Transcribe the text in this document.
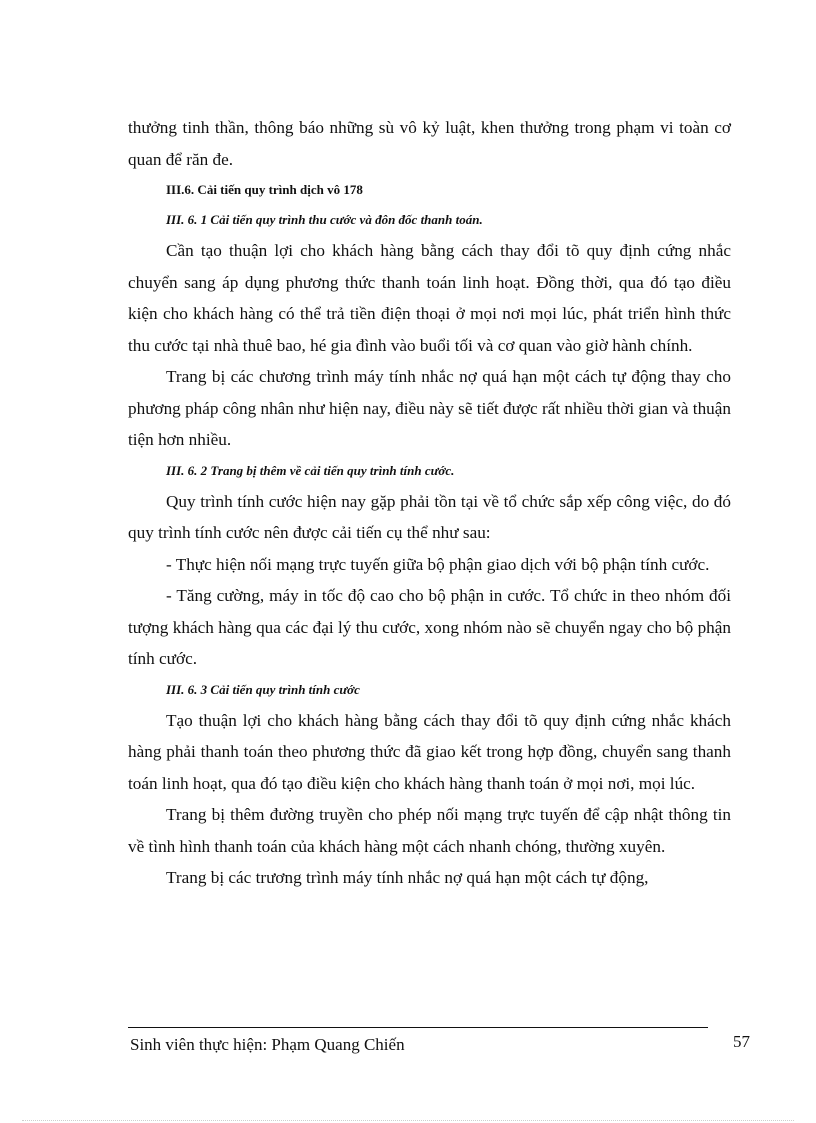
thưởng tinh thần, thông báo những sù vô kỷ luật, khen thưởng trong phạm vi toàn cơ quan để răn đe.

III.6. Cải tiến quy trình dịch vô 178
III. 6. 1 Cải tiến quy trình thu cước và đôn đốc thanh toán.

Cần tạo thuận lợi cho khách hàng bằng cách thay đổi tõ quy định cứng nhắc chuyển sang áp dụng phương thức thanh toán linh hoạt. Đồng thời, qua đó tạo điều kiện cho khách hàng có thể trả tiền điện thoại ở mọi nơi mọi lúc, phát triển hình thức thu cước tại nhà thuê bao, hé gia đình vào buổi tối và cơ quan vào giờ hành chính.

Trang bị các chương trình máy tính nhắc nợ quá hạn một cách tự động thay cho phương pháp công nhân như hiện nay, điều này sẽ tiết được rất nhiều thời gian và thuận tiện hơn nhiều.

III. 6. 2 Trang bị thêm về cải tiến quy trình tính cước.

Quy trình tính cước hiện nay gặp phải tồn tại về tổ chức sắp xếp công việc, do đó quy trình tính cước nên được cải tiến cụ thể như sau:

- Thực hiện nối mạng trực tuyến giữa bộ phận giao dịch với bộ phận tính cước.

- Tăng cường, máy in tốc độ cao cho bộ phận in cước. Tổ chức in theo nhóm đối tượng khách hàng qua các đại lý thu cước, xong nhóm nào sẽ chuyển ngay cho bộ phận tính cước.

III. 6. 3 Cải tiến quy trình tính cước

Tạo thuận lợi cho khách hàng bằng cách thay đổi tõ quy định cứng nhắc khách hàng phải thanh toán theo phương thức đã giao kết trong hợp đồng, chuyển sang thanh toán linh hoạt, qua đó tạo điều kiện cho khách hàng thanh toán ở mọi nơi, mọi lúc.

Trang bị thêm đường truyền cho phép nối mạng trực tuyến để cập nhật thông tin về tình hình thanh toán của khách hàng một cách nhanh chóng, thường xuyên.

Trang bị các trương trình máy tính nhắc nợ quá hạn một cách tự động,

Sinh viên thực hiện: Phạm Quang Chiến	57
